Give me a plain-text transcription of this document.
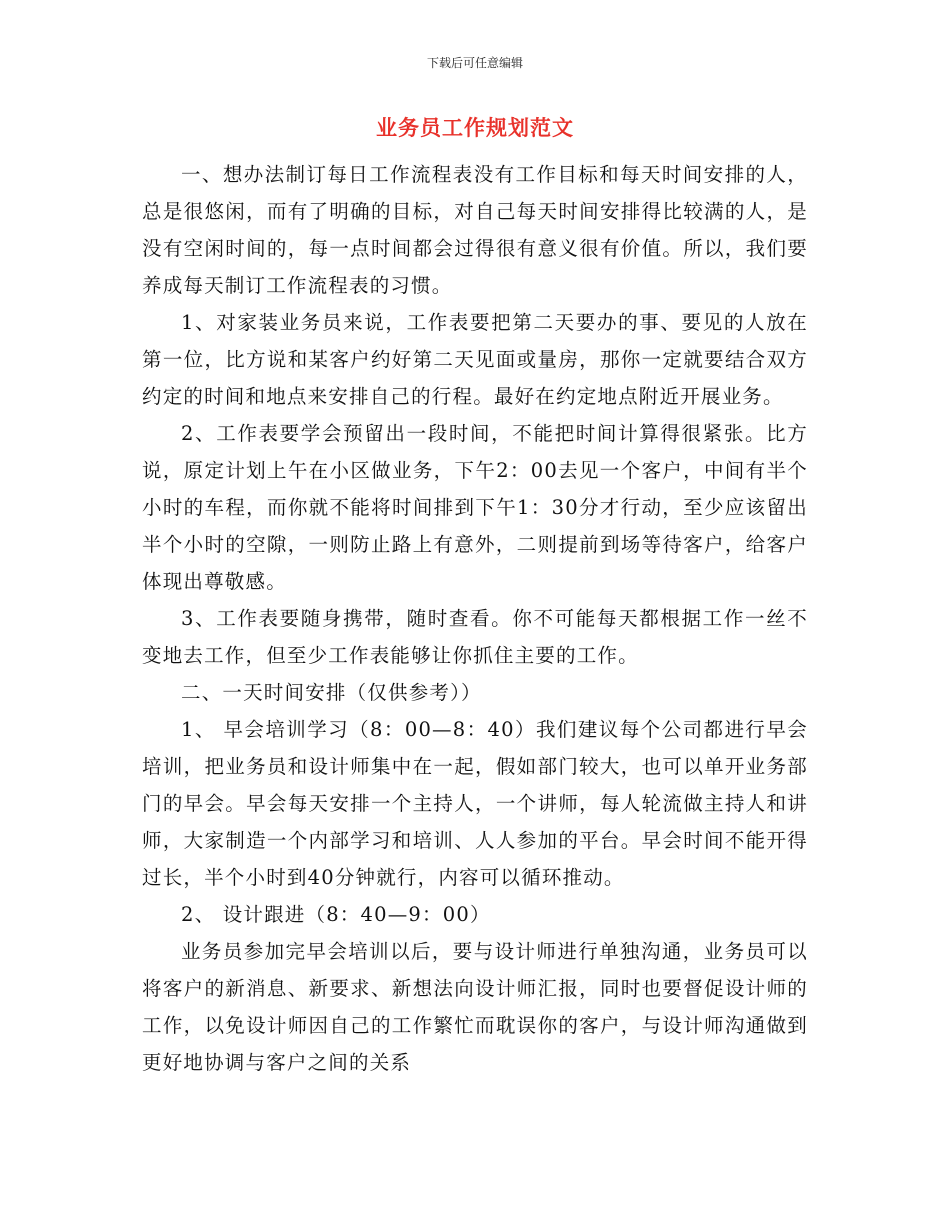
下载后可任意编辑
业务员工作规划范文

一、想办法制订每日工作流程表没有工作目标和每天时间安排的人，总是很悠闲，而有了明确的目标，对自己每天时间安排得比较满的人，是没有空闲时间的，每一点时间都会过得很有意义很有价值。所以，我们要养成每天制订工作流程表的习惯。

1、对家装业务员来说，工作表要把第二天要办的事、要见的人放在第一位，比方说和某客户约好第二天见面或量房，那你一定就要结合双方约定的时间和地点来安排自己的行程。最好在约定地点附近开展业务。

2、工作表要学会预留出一段时间，不能把时间计算得很紧张。比方说，原定计划上午在小区做业务，下午2：00去见一个客户，中间有半个小时的车程，而你就不能将时间排到下午1：30分才行动，至少应该留出半个小时的空隙，一则防止路上有意外，二则提前到场等待客户，给客户体现出尊敬感。

3、工作表要随身携带，随时查看。你不可能每天都根据工作一丝不变地去工作，但至少工作表能够让你抓住主要的工作。

二、一天时间安排（仅供参考））

1、 早会培训学习（8：00—8：40）我们建议每个公司都进行早会培训，把业务员和设计师集中在一起，假如部门较大，也可以单开业务部门的早会。早会每天安排一个主持人，一个讲师，每人轮流做主持人和讲师，大家制造一个内部学习和培训、人人参加的平台。早会时间不能开得过长，半个小时到40分钟就行，内容可以循环推动。

2、 设计跟进（8：40—9：00）

业务员参加完早会培训以后，要与设计师进行单独沟通，业务员可以将客户的新消息、新要求、新想法向设计师汇报，同时也要督促设计师的工作，以免设计师因自己的工作繁忙而耽误你的客户，与设计师沟通做到更好地协调与客户之间的关系
